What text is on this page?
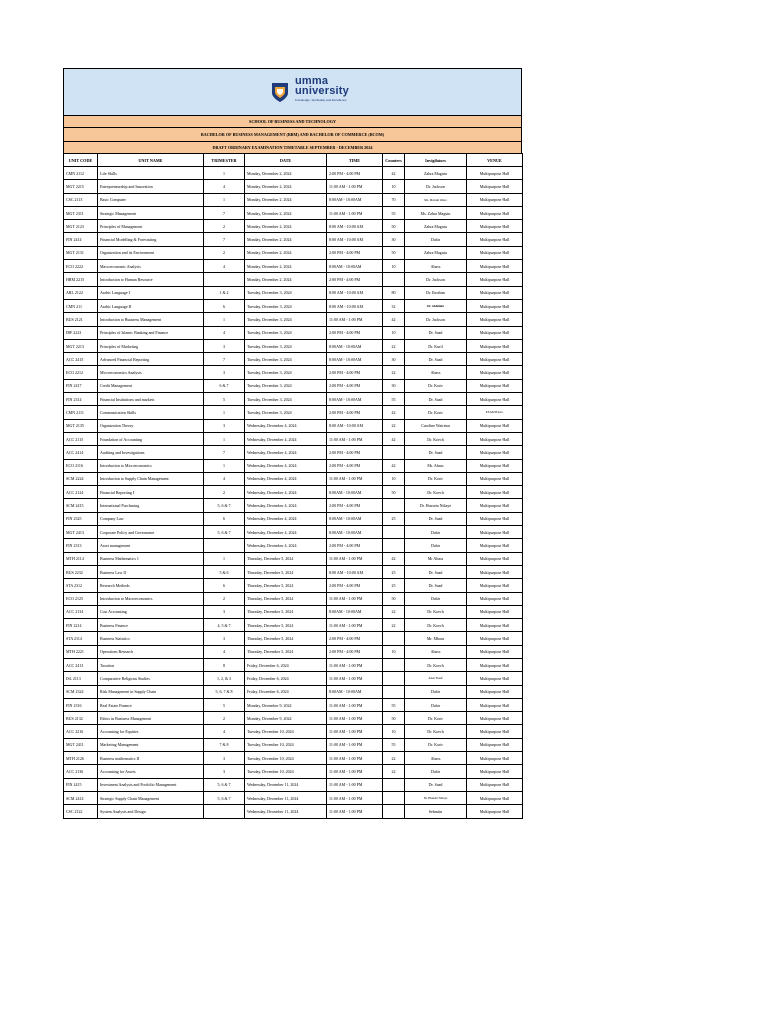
umma
university
Knowledge, Spirituality and Excellence
SCHOOL OF BUSINESS AND TECHNOLOGY
BACHELOR OF BUSINESS MANAGEMENT (BBM) AND BACHELOR OF COMMERCE (BCOM)
DRAFT ORDINARY EXAMINATION TIMETABLE SEPTEMBER - DECEMBER 2024
UNIT CODE	UNIT NAME	TRIMESTER	DATE	TIME	Counters	Invigilators	VENUE
CMN 2112	Life Skills	1	Monday, December 2, 2024	2:00 PM - 4:00 PM	42	Zahra Magutu	Multipurpose Hall
MGT 2215	Entrepreneurship and Innovation	4	Monday, December 2, 2024	11:00 AM - 1:00 PM	10	Dr. Jackson	Multipurpose Hall
CSC 2113	Basic Computer	1	Monday, December 2, 2024	8:00AM - 10:00AM	70	Ms. Mariam Omar	Multipurpose Hall
MGT 2311	Strategic Management	7	Monday, December 2, 2024	11:00 AM - 1:00 PM	55	Ms. Zahra Magutu	Multipurpose Hall
MGT 2123	Principles of Management	2	Monday, December 2, 2024	8:00 AM - 10:00 AM	50	Zahra Magutu	Multipurpose Hall
FIN 2414	Financial Modelling & Forecasting	7	Monday, December 2, 2024	8:00 AM - 10:00 AM	30	Dahir	Multipurpose Hall
MGT 2131	Organization and its Environment	2	Monday, December 2, 2024	2:00 PM - 4:00 PM	50	Zahra Magutu	Multipurpose Hall
ECO 2222	Macroeconomic Analysis	4	Monday, December 2, 2024	8:00AM - 10:00AM	10	Abass	Multipurpose Hall
HRM 2215	Introduction to Human Resource		Monday, December 2, 2024	2:00 PM - 4:00 PM		Dr. Jackson	Multipurpose Hall
ARL 2122	Arabic Language I	1 & 2	Tuesday, December 3, 2024	8:00 AM - 10:00 AM	80	Dr. Ibrahim	Multipurpose Hall
CMN 211	Arabic Language II	6	Tuesday, December 3, 2024	8:00 AM - 10:00 AM	32	Dr. Abdulahi	Multipurpose Hall
BUS 2121	Introduction to Business Management	1	Tuesday, December 3, 2024	11:00 AM - 1:00 PM	42	Dr. Jackson	Multipurpose Hall
IBF 2223	Principles of Islamic Banking and Finance	4	Tuesday, December 3, 2024	2:00 PM - 4:00 PM	10	Dr. Saad	Multipurpose Hall
MGT 2213	Principles of Marketing	3	Tuesday, December 3, 2024	8:00AM - 10:00AM	22	Dr. Kuril	Multipurpose Hall
ACC 2415	Advanced Financial Reporting	7	Tuesday, December 3, 2024	8:00AM - 10:00AM	30	Dr. Saad	Multipurpose Hall
ECO 2212	Microeconomics Analysis	3	Tuesday, December 3, 2024	2:00 PM - 4:00 PM	22	Abass	Multipurpose Hall
FIN 2417	Credit Management	6 & 7	Tuesday, December 3, 2024	2:00 PM - 4:00 PM	30	Dr. Korir	Multipurpose Hall
FIN 2314	Financial Institutions and markets	5	Tuesday, December 3, 2024	8:00AM - 10:00AM	55	Dr. Saad	Multipurpose Hall
CMN 2111	Communication Skills	1	Tuesday, December 3, 2024	2:00 PM - 4:00 PM	42	Dr. Korir	EXAM HALL
MGT 2135	Organization Theory	3	Wednesday, December 4, 2024	8:00 AM - 10:00 AM	22	Caroline Wairimu	Multipurpose Hall
ACC 2115	Foundation of Accounting	1	Wednesday, December 4, 2024	11:00 AM - 1:00 PM	42	Dr. Koech	Multipurpose Hall
ACC 2414	Auditing and Investigations	7	Wednesday, December 4, 2024	2:00 PM - 4:00 PM		Dr. Saad	Multipurpose Hall
ECO 2116	Introduction to Microeconomics	1	Wednesday, December 4, 2024	2:00 PM - 4:00 PM	42	Mr. Abass	Multipurpose Hall
SCM 2224	Introduction to Supply Chain Management	4	Wednesday, December 4, 2024	11:00 AM - 1:00 PM	10	Dr. Korir	Multipurpose Hall
ACC 2124	Financial Reporting I	2	Wednesday, December 4, 2024	8:00AM - 10:00AM	50	Dr. Koech	Multipurpose Hall
SCM 2415	International Purchasing	5, 6 & 7	Wednesday, December 4, 2024	2:00 PM - 4:00 PM		Dr. Hussein Ndiaye	Multipurpose Hall
FIN 2325	Company Law	6	Wednesday, December 4, 2024	8:00AM - 10:00AM	25	Dr. Saad	Multipurpose Hall
MGT 2413	Corporate Policy and Governance	5, 6 & 7	Wednesday, December 4, 2024	8:00AM - 10:00AM		Dahir	Multipurpose Hall
FIN 2313	Asset management		Wednesday, December 4, 2024	2:00 PM - 4:00 PM		Dahir	Multipurpose Hall
MTH 2114	Business Mathematics 1	1	Thursday, December 5, 2024	11:00 AM - 1:00 PM	42	Mr Abass	Multipurpose Hall
BUS 2232	Business Law II	5 & 6	Thursday, December 5, 2024	8:00 AM - 10:00 AM	25	Dr. Saad	Multipurpose Hall
STA 2312	Research Methods	6	Thursday, December 5, 2024	2:00 PM - 4:00 PM	25	Dr. Saad	Multipurpose Hall
ECO 2125	Introduction to Macroeconomics	2	Thursday, December 5, 2024	11:00 AM - 1:00 PM	50	Dahir	Multipurpose Hall
ACC 2134	Cost Accounting	3	Thursday, December 5, 2024	8:00AM - 10:00AM	22	Dr. Koech	Multipurpose Hall
FIN 2214	Business Finance	4, 5 & 7	Thursday, December 5, 2024	11:00 AM - 1:00 PM	22	Dr. Koech	Multipurpose Hall
STA 2114	Business Statistics	3	Thursday, December 5, 2024	2:00 PM - 4:00 PM		Mr. Mbaru	Multipurpose Hall
MTH 2221	Operations Research	4	Thursday, December 5, 2024	2:00 PM - 4:00 PM	10	Abass	Multipurpose Hall
ACC 2413	Taxation	8	Friday, December 6, 2024	11:00 AM - 1:00 PM		Dr. Koech	Multipurpose Hall
ISL 2113	Comparative Religious Studies	1, 2, & 3	Friday, December 6, 2024	11:00 AM - 1:00 PM		Aden Yusuf	Multipurpose Hall
SCM 2324	Risk Management in Supply Chain	5, 6, 7 & 8	Friday, December 6, 2024	8:00AM - 10:00AM		Dahir	Multipurpose Hall
FIN 2316	Real Estate Finance	5	Monday, December 9, 2024	11:00 AM - 1:00 PM	55	Dahir	Multipurpose Hall
BUS 2132	Ethics in Business Management	2	Monday, December 9, 2024	11:00 AM - 1:00 PM	50	Dr. Korir	Multipurpose Hall
ACC 2216	Accounting for Equities	4	Tuesday, December 10, 2024	11:00 AM - 1:00 PM	10	Dr. Koech	Multipurpose Hall
MGT 2411	Marketing Management	7 & 8	Tuesday, December 10, 2024	11:00 AM - 1:00 PM	55	Dr. Korir	Multipurpose Hall
MTH 2126	Business mathematics II	3	Tuesday, December 10, 2024	11:00 AM - 1:00 PM	22	Abass	Multipurpose Hall
ACC 2136	Accounting for Assets	3	Tuesday, December 10, 2024	11:00 AM - 1:00 PM	22	Dahir	Multipurpose Hall
FIN 2415	Investment Analysis and Portfolio Management	5, 6 & 7	Wednesday, December 11, 2024	11:00 AM - 1:00 PM		Dr. Saad	Multipurpose Hall
SCM 2414	Strategic Supply Chain Management	5, 6 & 7	Wednesday, December 11, 2024	11:00 AM - 1:00 PM		Dr. Hussein Ndiaye	Multipurpose Hall
CSC 2122	System Analysis and Design		Wednesday, December 11, 2024	11:00 AM - 1:00 PM		Sebastin	Multipurpose Hall
